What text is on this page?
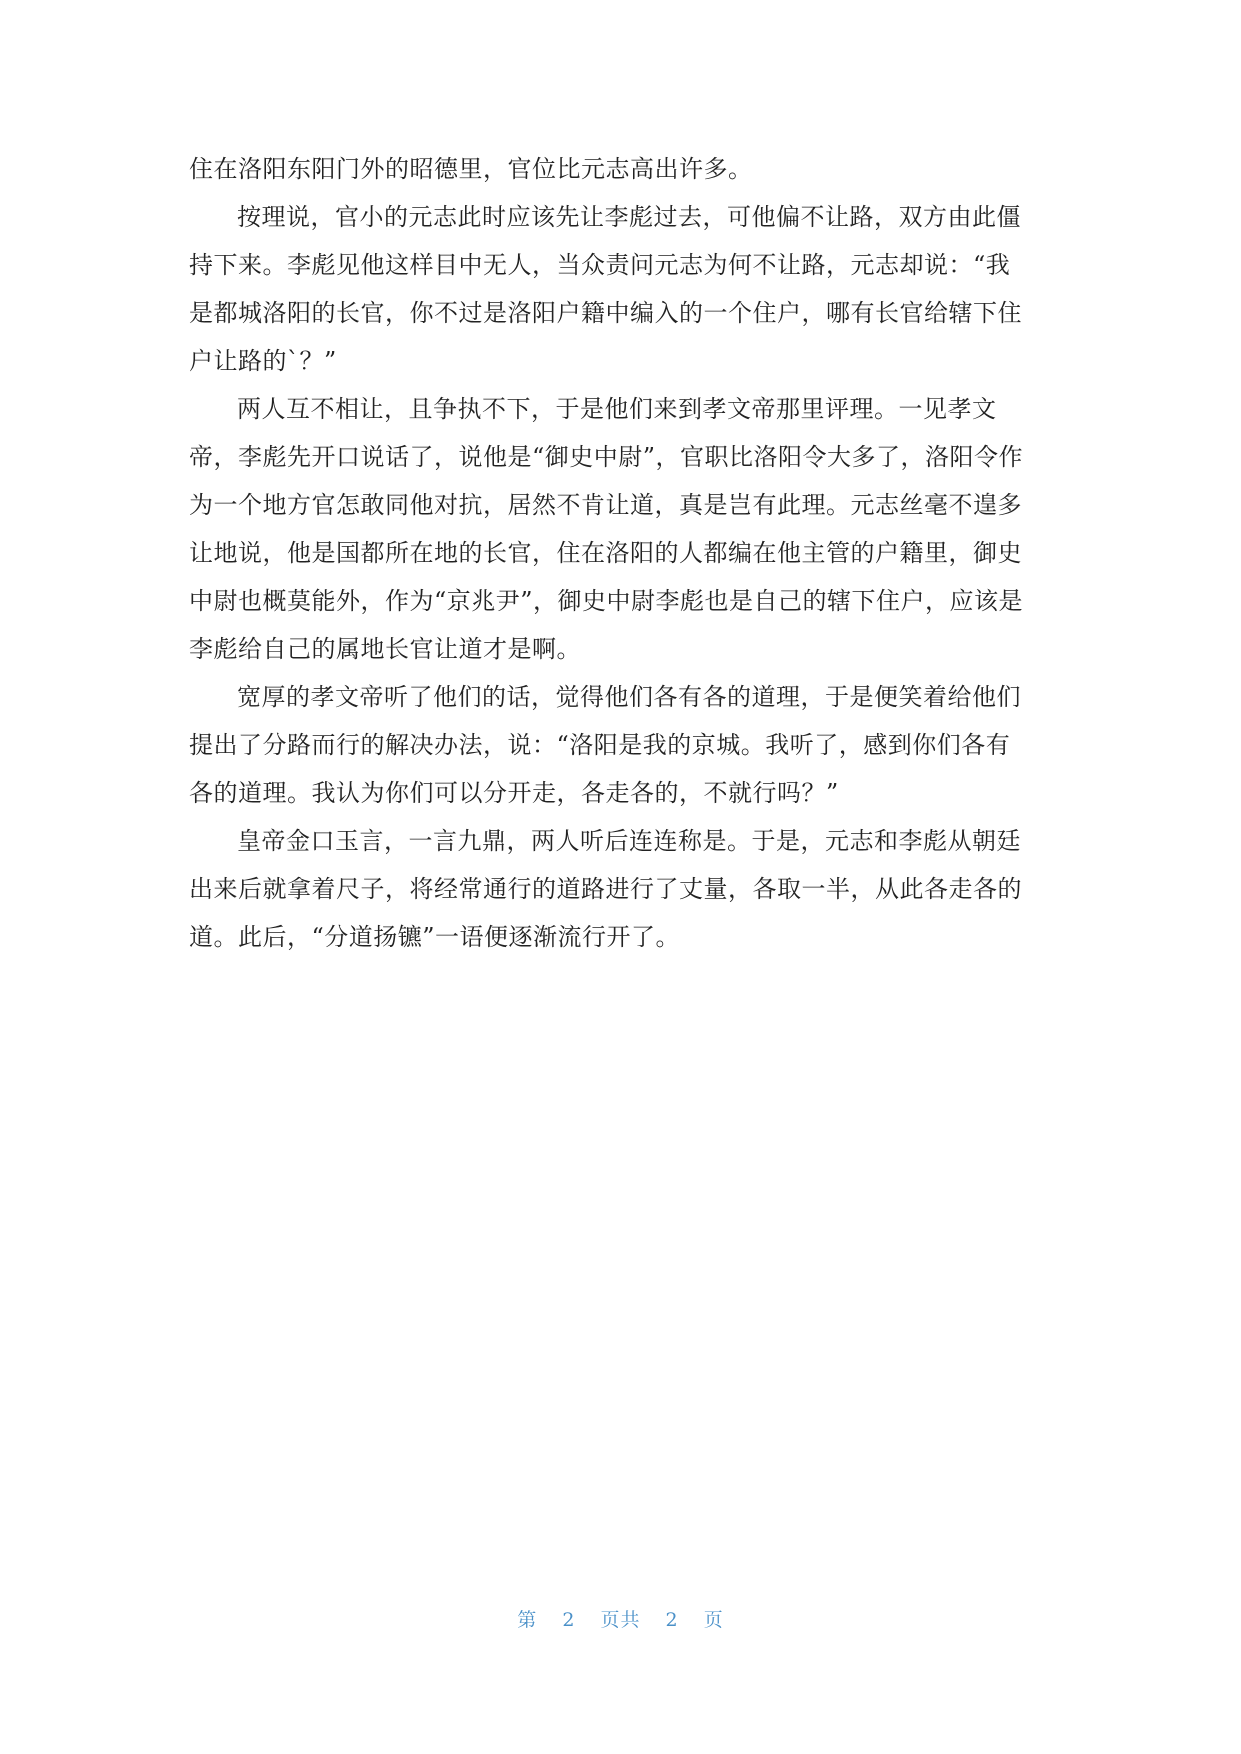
住在洛阳东阳门外的昭德里，官位比元志高出许多。
按理说，官小的元志此时应该先让李彪过去，可他偏不让路，双方由此僵
持下来。李彪见他这样目中无人，当众责问元志为何不让路，元志却说：“我
是都城洛阳的长官，你不过是洛阳户籍中编入的一个住户，哪有长官给辖下住
户让路的`？”
两人互不相让，且争执不下，于是他们来到孝文帝那里评理。一见孝文
帝，李彪先开口说话了，说他是“御史中尉”，官职比洛阳令大多了，洛阳令作
为一个地方官怎敢同他对抗，居然不肯让道，真是岂有此理。元志丝毫不遑多
让地说，他是国都所在地的长官，住在洛阳的人都编在他主管的户籍里，御史
中尉也概莫能外，作为“京兆尹”，御史中尉李彪也是自己的辖下住户，应该是
李彪给自己的属地长官让道才是啊。
宽厚的孝文帝听了他们的话，觉得他们各有各的道理，于是便笑着给他们
提出了分路而行的解决办法，说：“洛阳是我的京城。我听了，感到你们各有
各的道理。我认为你们可以分开走，各走各的，不就行吗？”
皇帝金口玉言，一言九鼎，两人听后连连称是。于是，元志和李彪从朝廷
出来后就拿着尺子，将经常通行的道路进行了丈量，各取一半，从此各走各的
道。此后，“分道扬镳”一语便逐渐流行开了。
第 2 页共 2 页
